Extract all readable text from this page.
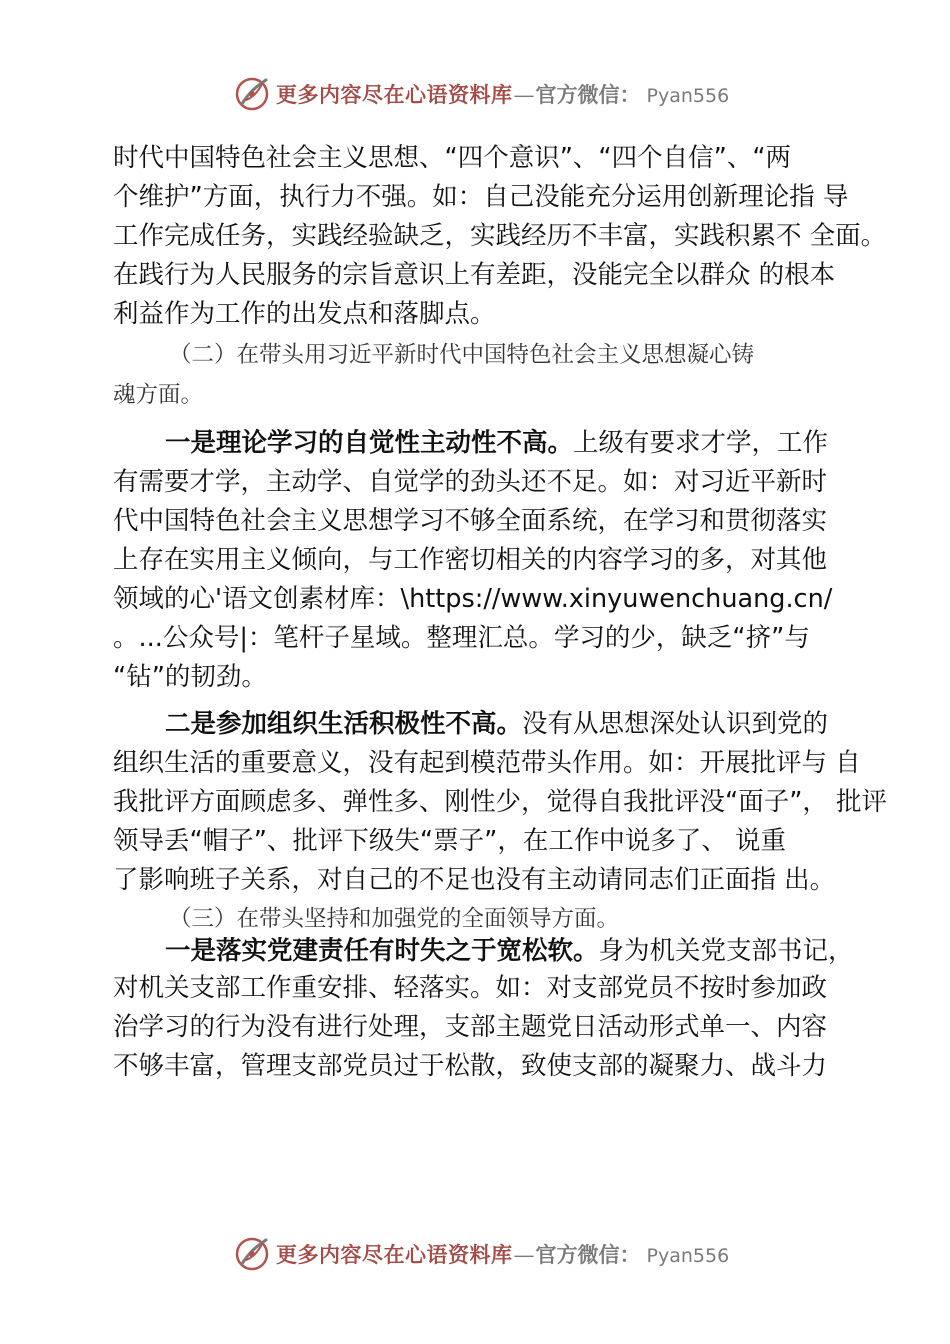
更多内容尽在心语资料库 — 官方微信： Pyan556
时代中国特色社会主义思想、“四个意识”、“四个自信”、“两
个维护”方面，执行力不强。如：自己没能充分运用创新理论指 导
工作完成任务，实践经验缺乏，实践经历不丰富，实践积累不 全面。
在践行为人民服务的宗旨意识上有差距，没能完全以群众 的根本
利益作为工作的出发点和落脚点。
（二）在带头用习近平新时代中国特色社会主义思想凝心铸
魂方面。
一是理论学习的自觉性主动性不高。上级有要求才学，工作
有需要才学，主动学、自觉学的劲头还不足。如：对习近平新时
代中国特色社会主义思想学习不够全面系统，在学习和贯彻落实
上存在实用主义倾向，与工作密切相关的内容学习的多，对其他
领域的心'语文创素材库：\https://www.xinyuwenchuang.cn/
。...公众号|：笔杆子星域。整理汇总。学习的少，缺乏“挤”与
“钻”的韧劲。
二是参加组织生活积极性不高。没有从思想深处认识到党的
组织生活的重要意义，没有起到模范带头作用。如：开展批评与 自
我批评方面顾虑多、弹性多、刚性少，觉得自我批评没“面子”， 批评
领导丢“帽子”、批评下级失“票子”，在工作中说多了、 说重
了影响班子关系，对自己的不足也没有主动请同志们正面指 出。
（三）在带头坚持和加强党的全面领导方面。
一是落实党建责任有时失之于宽松软。身为机关党支部书记，
对机关支部工作重安排、轻落实。如：对支部党员不按时参加政
治学习的行为没有进行处理，支部主题党日活动形式单一、内容
不够丰富，管理支部党员过于松散，致使支部的凝聚力、战斗力
更多内容尽在心语资料库 — 官方微信： Pyan556
